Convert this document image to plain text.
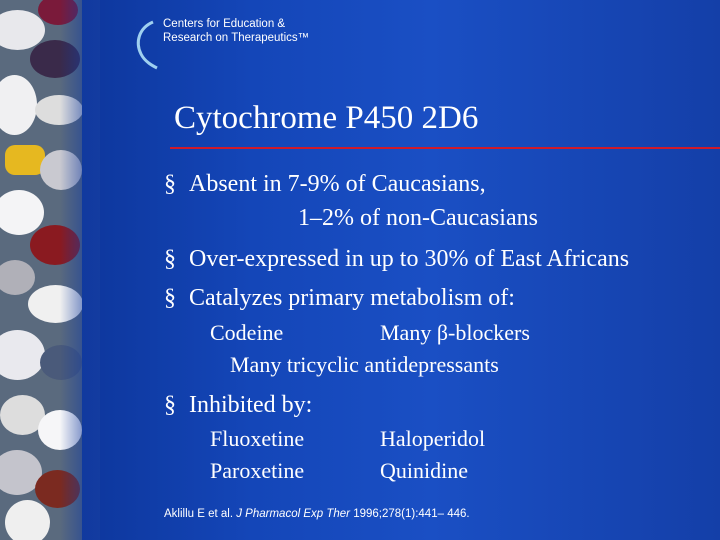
Centers for Education &
Research on Therapeutics™
Cytochrome P450 2D6
§ Absent in 7-9% of Caucasians,
1–2% of non-Caucasians
§ Over-expressed in up to 30% of East Africans
§ Catalyzes primary metabolism of:
Codeine	Many β-blockers
Many tricyclic antidepressants
§ Inhibited by:
Fluoxetine	Haloperidol
Paroxetine	Quinidine
Aklillu E et al. J Pharmacol Exp Ther 1996;278(1):441– 446.
